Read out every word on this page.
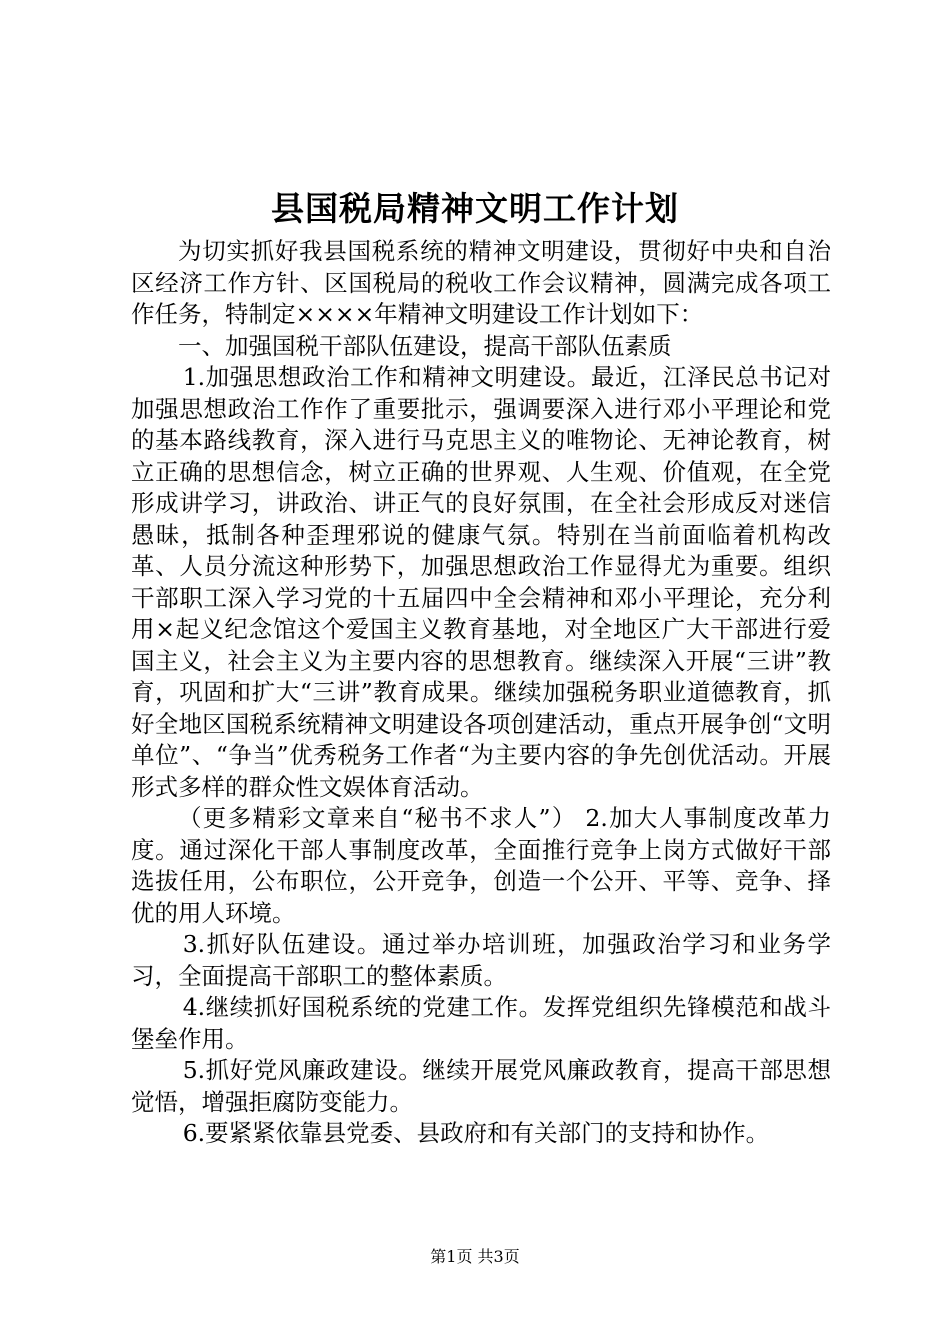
县国税局精神文明工作计划

为切实抓好我县国税系统的精神文明建设，贯彻好中央和自治区经济工作方针、区国税局的税收工作会议精神，圆满完成各项工作任务，特制定××××年精神文明建设工作计划如下：

一、加强国税干部队伍建设，提高干部队伍素质

1.加强思想政治工作和精神文明建设。最近，江泽民总书记对加强思想政治工作作了重要批示，强调要深入进行邓小平理论和党的基本路线教育，深入进行马克思主义的唯物论、无神论教育，树立正确的思想信念，树立正确的世界观、人生观、价值观，在全党形成讲学习，讲政治、讲正气的良好氛围，在全社会形成反对迷信愚昧，抵制各种歪理邪说的健康气氛。特别在当前面临着机构改革、人员分流这种形势下，加强思想政治工作显得尤为重要。组织干部职工深入学习党的十五届四中全会精神和邓小平理论，充分利用×起义纪念馆这个爱国主义教育基地，对全地区广大干部进行爱国主义，社会主义为主要内容的思想教育。继续深入开展“三讲”教育，巩固和扩大“三讲”教育成果。继续加强税务职业道德教育，抓好全地区国税系统精神文明建设各项创建活动，重点开展争创“文明单位”、“争当”优秀税务工作者“为主要内容的争先创优活动。开展形式多样的群众性文娱体育活动。

（更多精彩文章来自“秘书不求人”） 2.加大人事制度改革力度。通过深化干部人事制度改革，全面推行竞争上岗方式做好干部选拔任用，公布职位，公开竞争，创造一个公开、平等、竞争、择优的用人环境。

3.抓好队伍建设。通过举办培训班，加强政治学习和业务学习，全面提高干部职工的整体素质。

4.继续抓好国税系统的党建工作。发挥党组织先锋模范和战斗堡垒作用。

5.抓好党风廉政建设。继续开展党风廉政教育，提高干部思想觉悟，增强拒腐防变能力。

6.要紧紧依靠县党委、县政府和有关部门的支持和协作。

第1页 共3页
